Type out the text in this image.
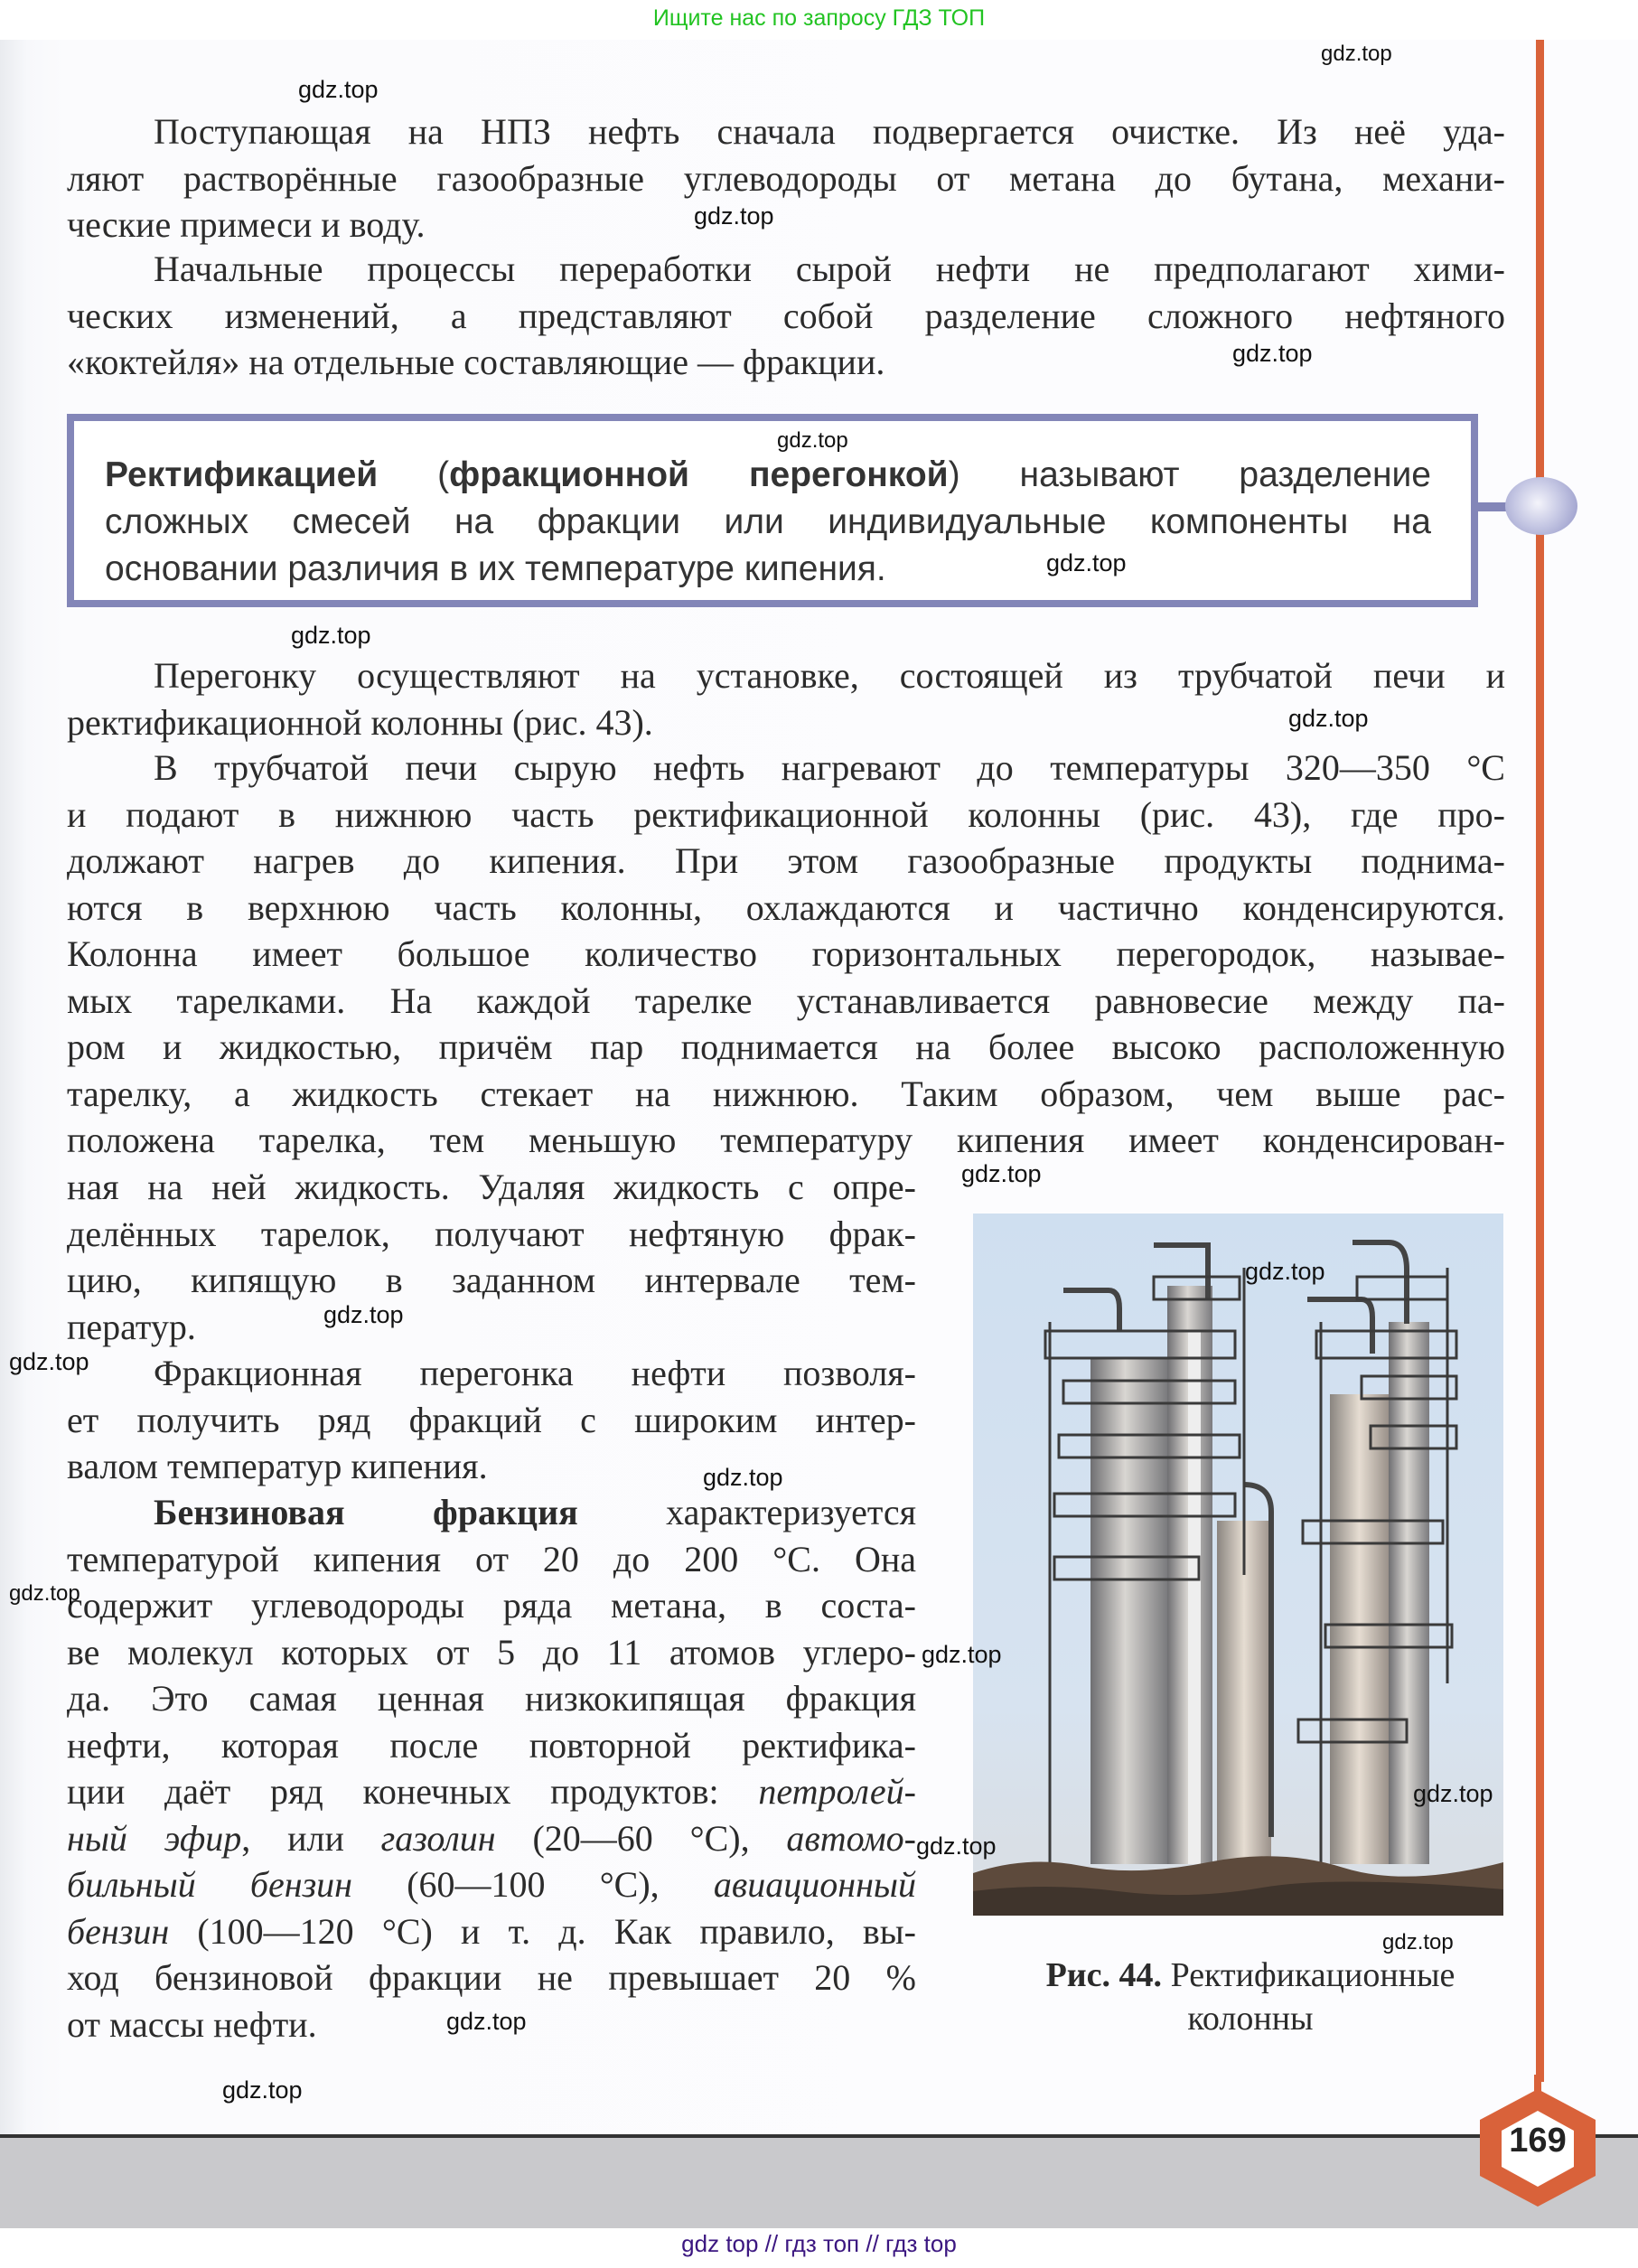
Ищите нас по запросу ГДЗ ТОП
Поступающая на НПЗ нефть сначала подвергается очистке. Из неё уда-
ляют растворённые газообразные углеводороды от метана до бутана, механи-
ческие примеси и воду.
Начальные процессы переработки сырой нефти не предполагают хими-
ческих изменений, а представляют собой разделение сложного нефтяного
«коктейля» на отдельные составляющие — фракции.
Ректификацией (фракционной перегонкой) называют разделение
сложных смесей на фракции или индивидуальные компоненты на
основании различия в их температуре кипения.
Перегонку осуществляют на установке, состоящей из трубчатой печи и
ректификационной колонны (рис. 43).
В трубчатой печи сырую нефть нагревают до температуры 320—350 °С
и подают в нижнюю часть ректификационной колонны (рис. 43), где про-
должают нагрев до кипения. При этом газообразные продукты поднима-
ются в верхнюю часть колонны, охлаждаются и частично конденсируются.
Колонна имеет большое количество горизонтальных перегородок, называе-
мых тарелками. На каждой тарелке устанавливается равновесие между па-
ром и жидкостью, причём пар поднимается на более высоко расположенную
тарелку, а жидкость стекает на нижнюю. Таким образом, чем выше рас-
положена тарелка, тем меньшую температуру кипения имеет конденсирован-
ная на ней жидкость. Удаляя жидкость с опре-
делённых тарелок, получают нефтяную фрак-
цию, кипящую в заданном интервале тем-
ператур.
Фракционная перегонка нефти позволя-
ет получить ряд фракций с широким интер-
валом температур кипения.
Бензиновая фракция характеризуется
температурой кипения от 20 до 200 °С. Она
содержит углеводороды ряда метана, в соста-
ве молекул которых от 5 до 11 атомов углеро-
да. Это самая ценная низкокипящая фракция
нефти, которая после повторной ректифика-
ции даёт ряд конечных продуктов: петролей-
ный эфир, или газолин (20—60 °С), автомо-
бильный бензин (60—100 °С), авиационный
бензин (100—120 °С) и т. д. Как правило, вы-
ход бензиновой фракции не превышает 20 %
от массы нефти.
Рис. 44. Ректификационные
колонны
169
gdz top // гдз топ // гдз top
gdz.top
gdz.top
gdz.top
gdz.top
gdz.top
gdz.top
gdz.top
gdz.top
gdz.top
gdz.top
gdz.top
gdz.top
gdz.top
gdz.top
gdz.top
gdz.top
gdz.top
gdz.top
gdz.top
gdz.top
